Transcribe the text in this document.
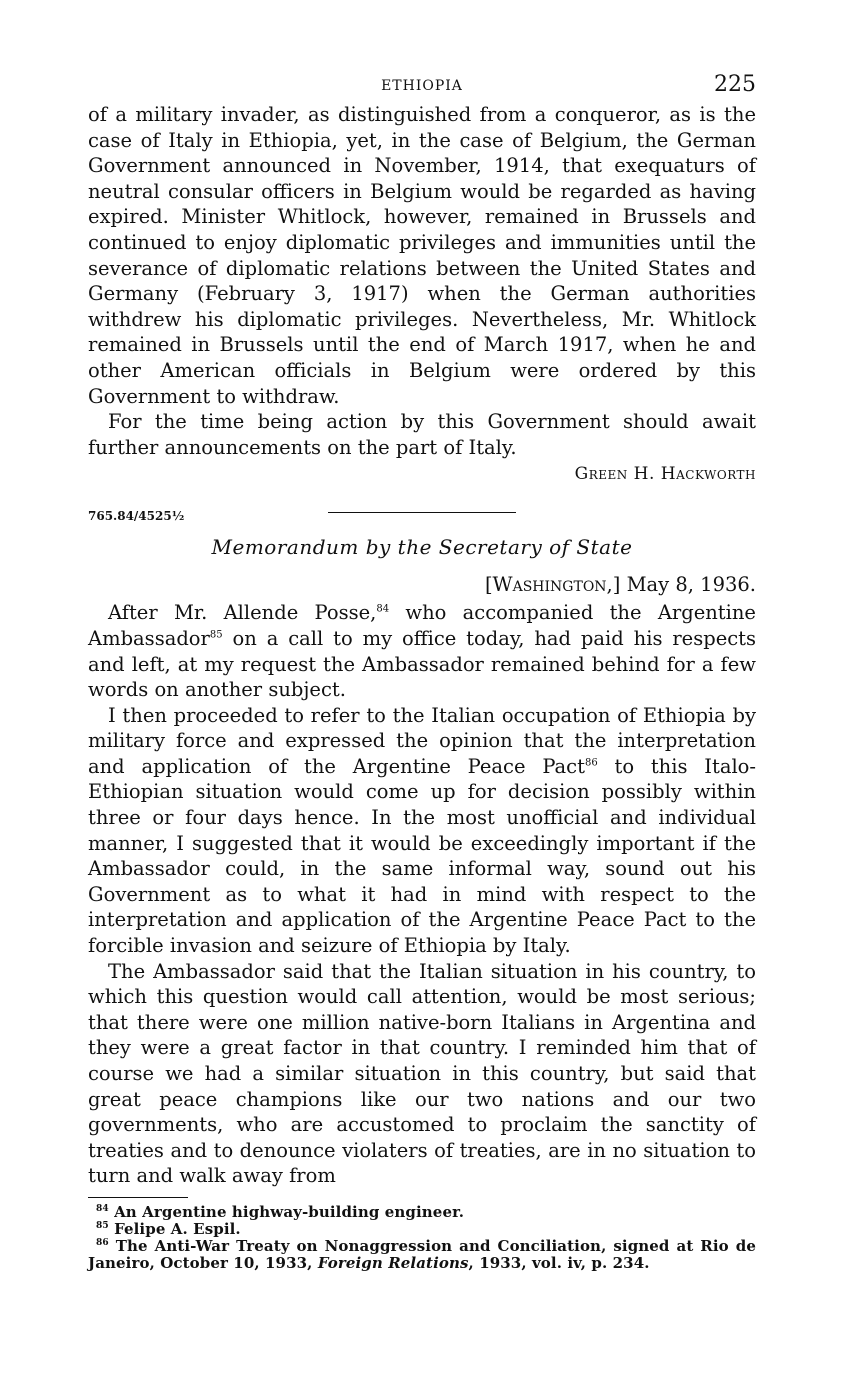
ETHIOPIA	225

of a military invader, as distinguished from a conqueror, as is the case of Italy in Ethiopia, yet, in the case of Belgium, the German Government announced in November, 1914, that exequaturs of neutral consular officers in Belgium would be regarded as having expired. Minister Whitlock, however, remained in Brussels and continued to enjoy diplomatic privileges and immunities until the severance of diplomatic relations between the United States and Germany (February 3, 1917) when the German authorities withdrew his diplomatic privileges. Nevertheless, Mr. Whitlock remained in Brussels until the end of March 1917, when he and other American officials in Belgium were ordered by this Government to withdraw.

For the time being action by this Government should await further announcements on the part of Italy.

Green H. Hackworth
765.84/4525½
Memorandum by the Secretary of State
[Washington,] May 8, 1936.

After Mr. Allende Posse,$^{84}$ who accompanied the Argentine Ambassador$^{85}$ on a call to my office today, had paid his respects and left, at my request the Ambassador remained behind for a few words on another subject.

I then proceeded to refer to the Italian occupation of Ethiopia by military force and expressed the opinion that the interpretation and application of the Argentine Peace Pact$^{86}$ to this Italo-Ethiopian situation would come up for decision possibly within three or four days hence. In the most unofficial and individual manner, I suggested that it would be exceedingly important if the Ambassador could, in the same informal way, sound out his Government as to what it had in mind with respect to the interpretation and application of the Argentine Peace Pact to the forcible invasion and seizure of Ethiopia by Italy.

The Ambassador said that the Italian situation in his country, to which this question would call attention, would be most serious; that there were one million native-born Italians in Argentina and they were a great factor in that country. I reminded him that of course we had a similar situation in this country, but said that great peace champions like our two nations and our two governments, who are accustomed to proclaim the sanctity of treaties and to denounce violaters of treaties, are in no situation to turn and walk away from

$^{84}$ An Argentine highway-building engineer.

$^{85}$ Felipe A. Espil.

$^{86}$ The Anti-War Treaty on Nonaggression and Conciliation, signed at Rio de Janeiro, October 10, 1933, Foreign Relations, 1933, vol. iv, p. 234.
